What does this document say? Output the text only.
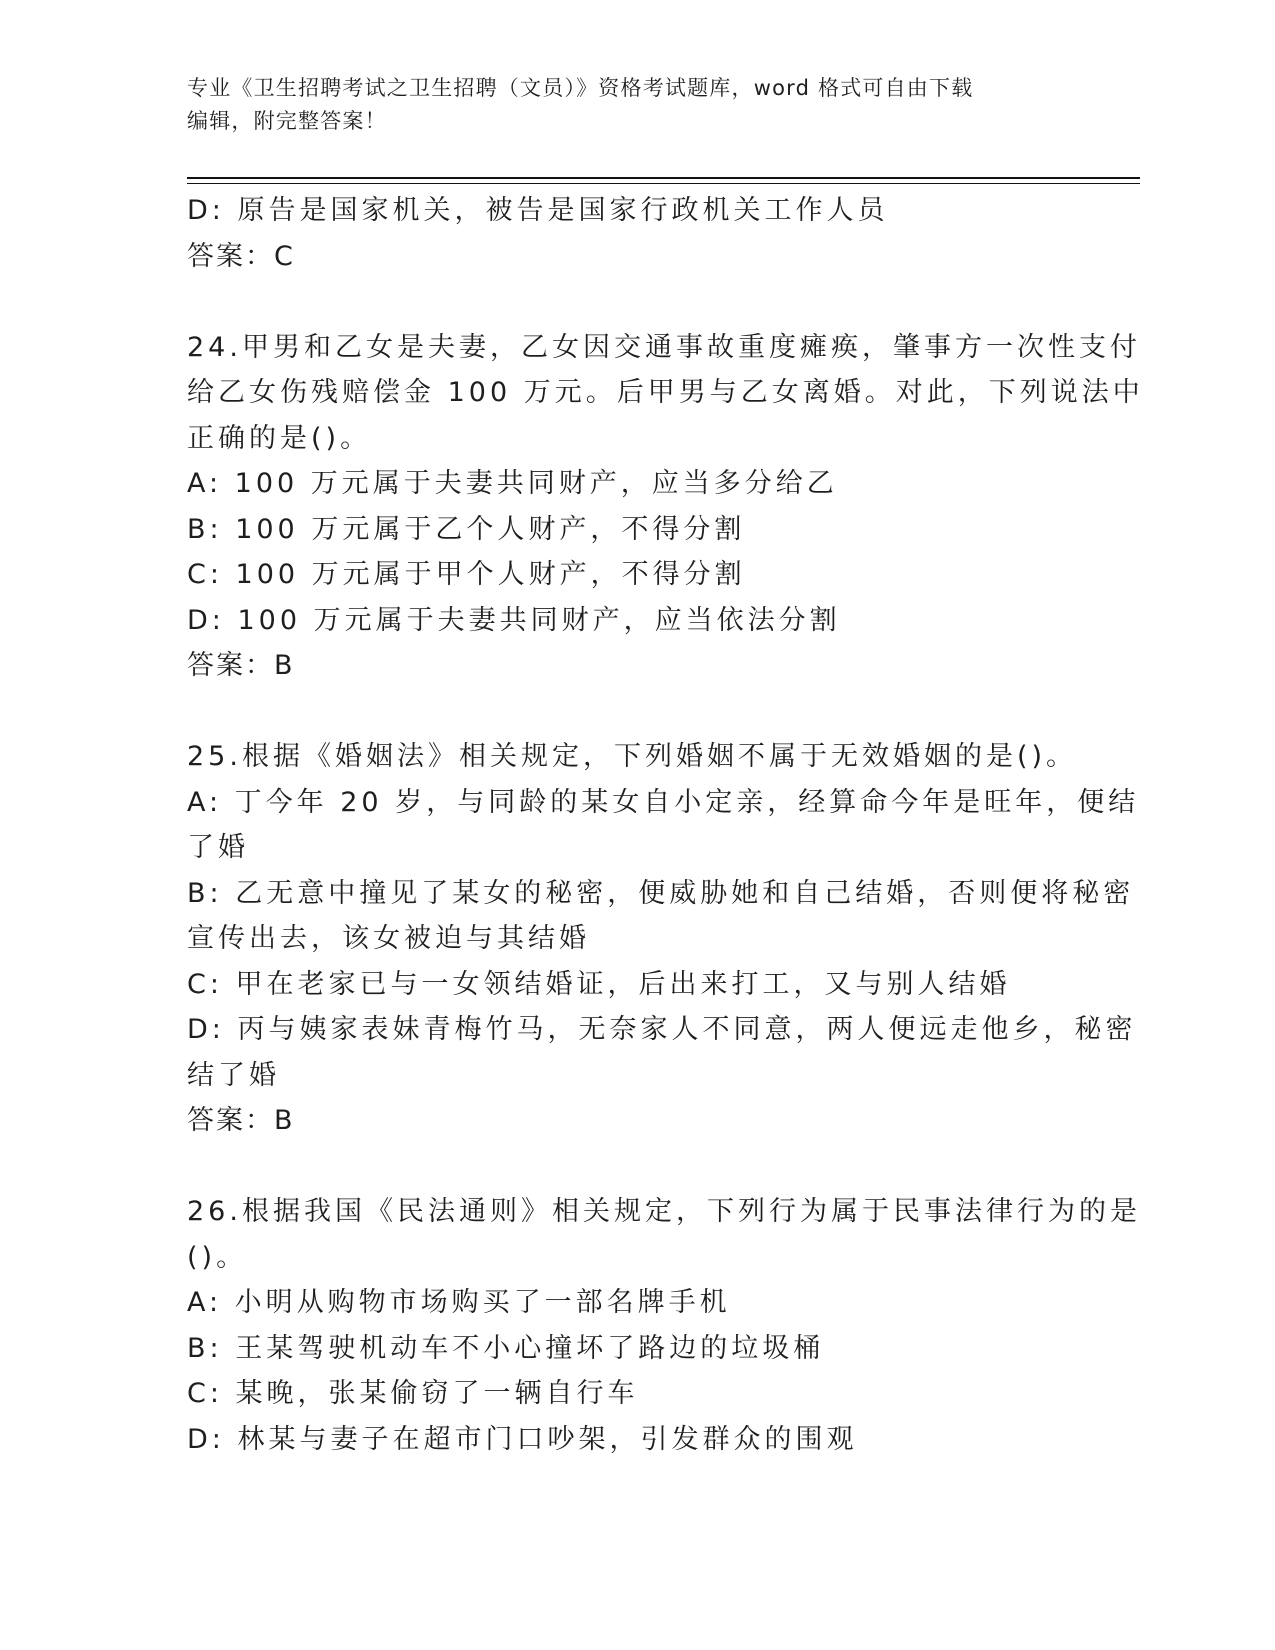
专业《卫生招聘考试之卫生招聘（文员）》资格考试题库，word 格式可自由下载
编辑，附完整答案！
D: 原告是国家机关，被告是国家行政机关工作人员
答案：C
24.甲男和乙女是夫妻，乙女因交通事故重度瘫痪，肇事方一次性支付
给乙女伤残赔偿金 100 万元。后甲男与乙女离婚。对此，下列说法中
正确的是()。
A: 100 万元属于夫妻共同财产，应当多分给乙
B: 100 万元属于乙个人财产，不得分割
C: 100 万元属于甲个人财产，不得分割
D: 100 万元属于夫妻共同财产，应当依法分割
答案：B
25.根据《婚姻法》相关规定，下列婚姻不属于无效婚姻的是()。
A: 丁今年 20 岁，与同龄的某女自小定亲，经算命今年是旺年，便结
了婚
B: 乙无意中撞见了某女的秘密，便威胁她和自己结婚，否则便将秘密
宣传出去，该女被迫与其结婚
C: 甲在老家已与一女领结婚证，后出来打工，又与别人结婚
D: 丙与姨家表妹青梅竹马，无奈家人不同意，两人便远走他乡，秘密
结了婚
答案：B
26.根据我国《民法通则》相关规定，下列行为属于民事法律行为的是
()。
A: 小明从购物市场购买了一部名牌手机
B: 王某驾驶机动车不小心撞坏了路边的垃圾桶
C: 某晚，张某偷窃了一辆自行车
D: 林某与妻子在超市门口吵架，引发群众的围观
